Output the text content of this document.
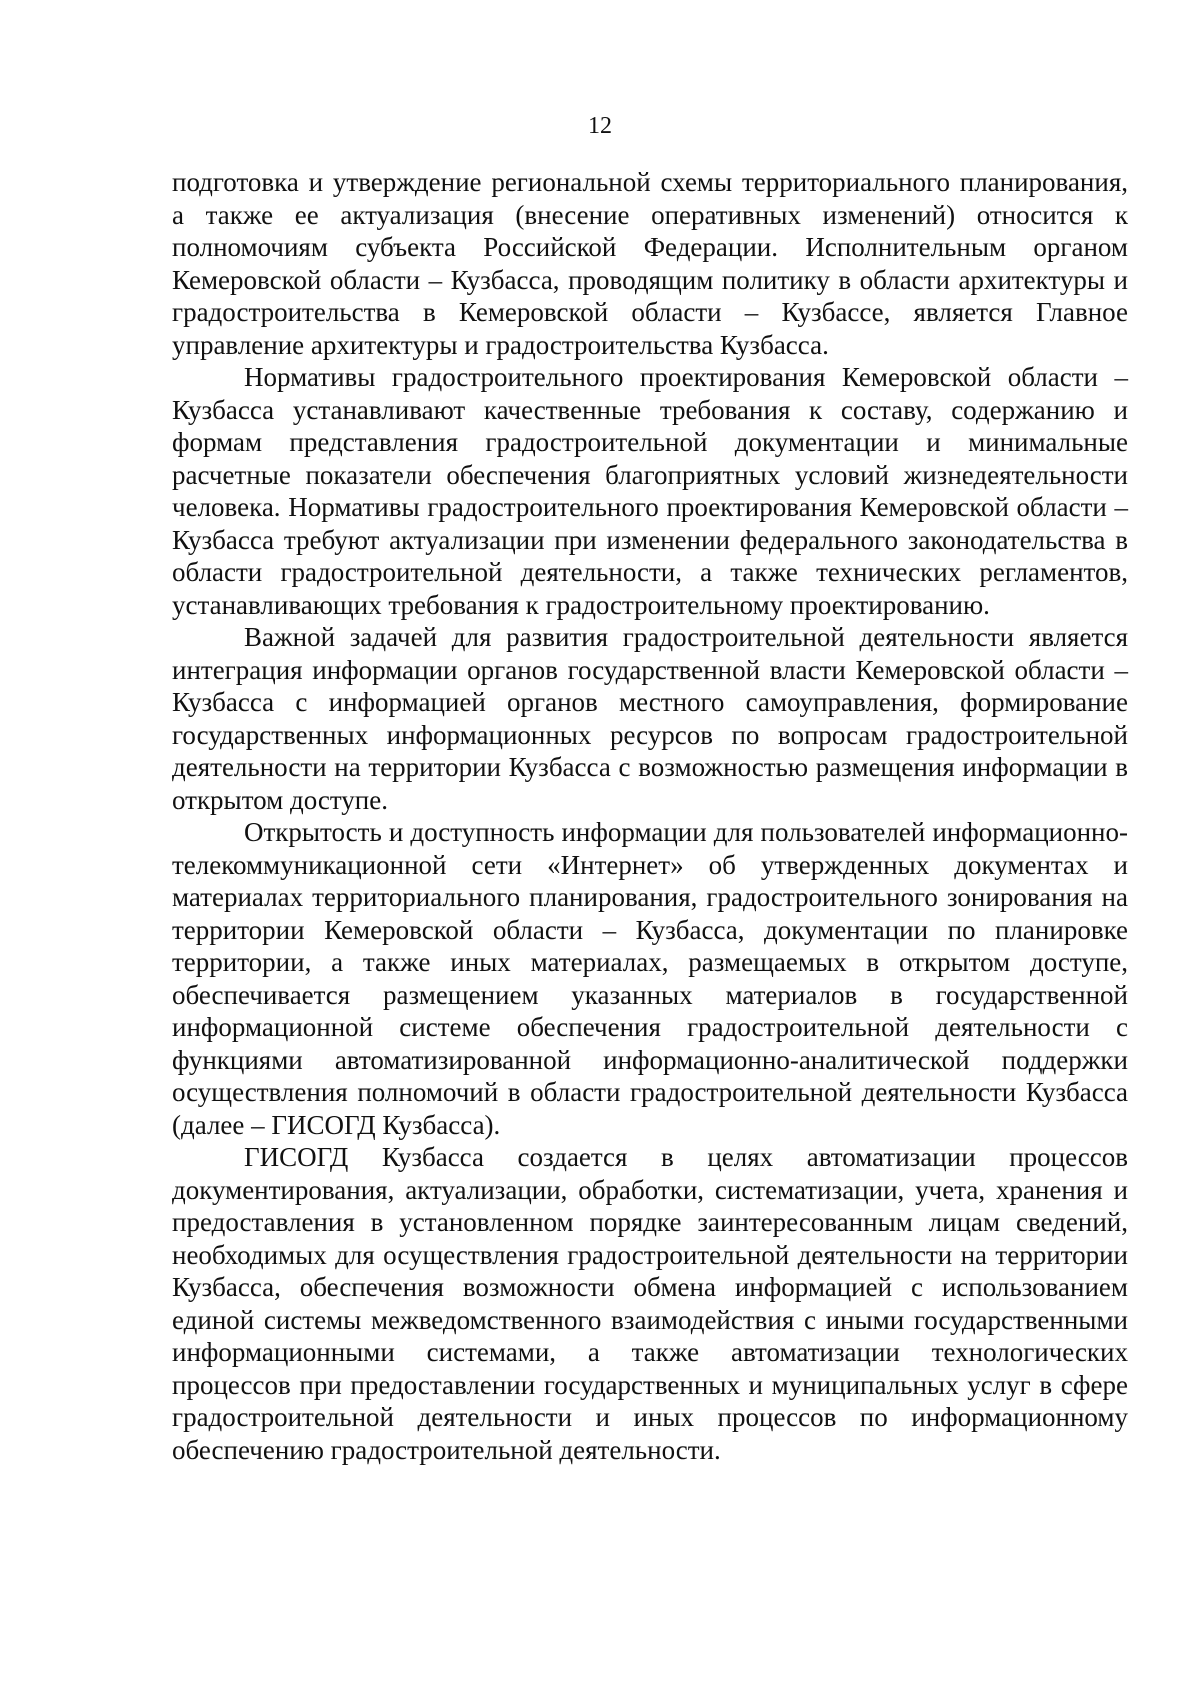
12

подготовка и утверждение региональной схемы территориального планирования, а также ее актуализация (внесение оперативных изменений) относится к полномочиям субъекта Российской Федерации. Исполнительным органом Кемеровской области – Кузбасса, проводящим политику в области архитектуры и градостроительства в Кемеровской области – Кузбассе, является Главное управление архитектуры и градостроительства Кузбасса.

Нормативы градостроительного проектирования Кемеровской области – Кузбасса устанавливают качественные требования к составу, содержанию и формам представления градостроительной документации и минимальные расчетные показатели обеспечения благоприятных условий жизнедеятельности человека. Нормативы градостроительного проектирования Кемеровской области – Кузбасса требуют актуализации при изменении федерального законодательства в области градостроительной деятельности, а также технических регламентов, устанавливающих требования к градостроительному проектированию.

Важной задачей для развития градостроительной деятельности является интеграция информации органов государственной власти Кемеровской области – Кузбасса с информацией органов местного самоуправления, формирование государственных информационных ресурсов по вопросам градостроительной деятельности на территории Кузбасса с возможностью размещения информации в открытом доступе.

Открытость и доступность информации для пользователей информационно-телекоммуникационной сети «Интернет» об утвержденных документах и материалах территориального планирования, градостроительного зонирования на территории Кемеровской области – Кузбасса, документации по планировке территории, а также иных материалах, размещаемых в открытом доступе, обеспечивается размещением указанных материалов в государственной информационной системе обеспечения градостроительной деятельности с функциями автоматизированной информационно-аналитической поддержки осуществления полномочий в области градостроительной деятельности Кузбасса (далее – ГИСОГД Кузбасса).

ГИСОГД Кузбасса создается в целях автоматизации процессов документирования, актуализации, обработки, систематизации, учета, хранения и предоставления в установленном порядке заинтересованным лицам сведений, необходимых для осуществления градостроительной деятельности на территории Кузбасса, обеспечения возможности обмена информацией с использованием единой системы межведомственного взаимодействия с иными государственными информационными системами, а также автоматизации технологических процессов при предоставлении государственных и муниципальных услуг в сфере градостроительной деятельности и иных процессов по информационному обеспечению градостроительной деятельности.
